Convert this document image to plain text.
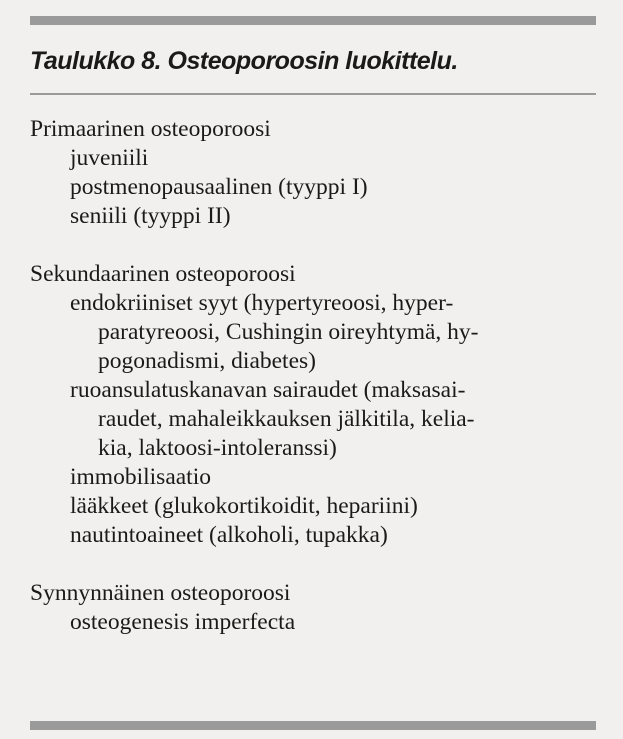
Taulukko 8. Osteoporoosin luokittelu.

Primaarinen osteoporoosi

juveniili

postmenopausaalinen (tyyppi I)

seniili (tyyppi II)

Sekundaarinen osteoporoosi

endokriiniset syyt (hypertyreoosi, hyper-

paratyreoosi, Cushingin oireyhtymä, hy-

pogonadismi, diabetes)

ruoansulatuskanavan sairaudet (maksasai-

raudet, mahaleikkauksen jälkitila, kelia-

kia, laktoosi-intoleranssi)

immobilisaatio

lääkkeet (glukokortikoidit, hepariini)

nautintoaineet (alkoholi, tupakka)

Synnynnäinen osteoporoosi

osteogenesis imperfecta
